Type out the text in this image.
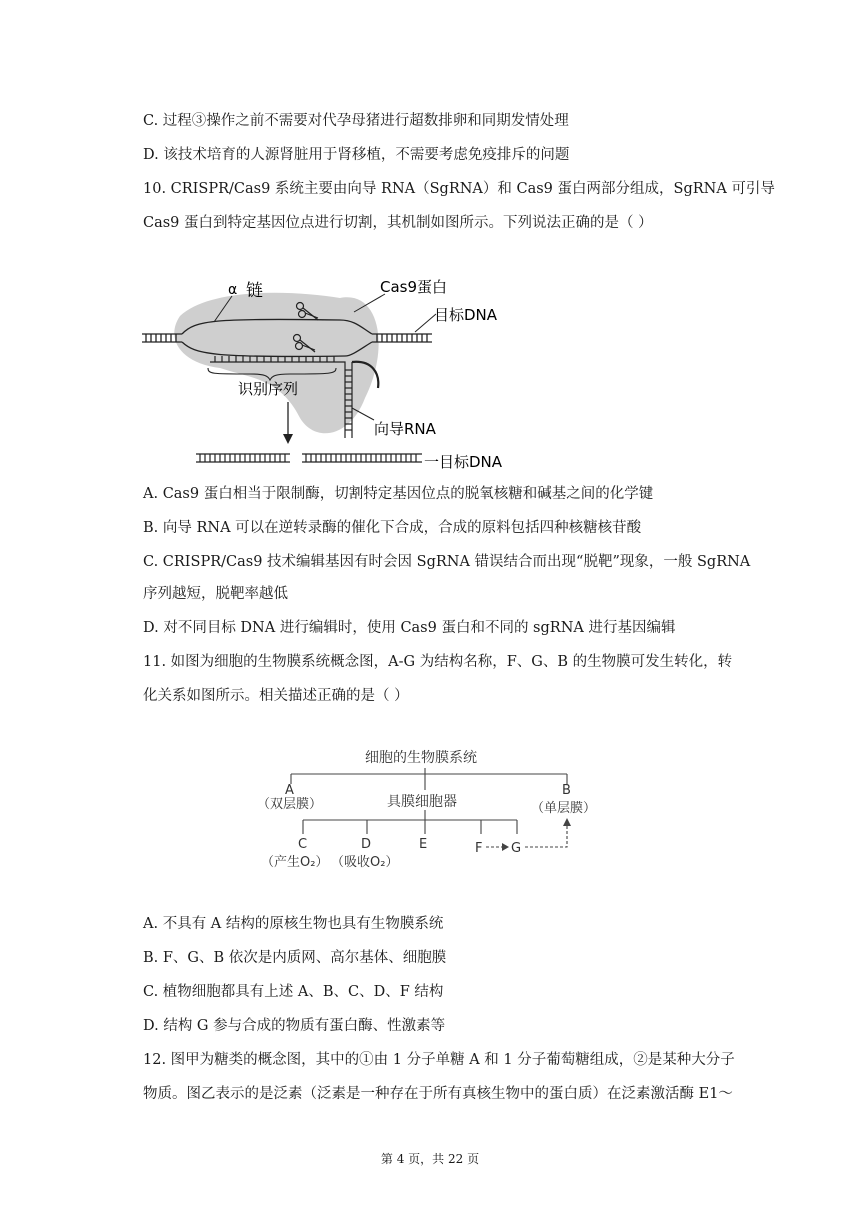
C. 过程③操作之前不需要对代孕母猪进行超数排卵和同期发情处理
D. 该技术培育的人源肾脏用于肾移植，不需要考虑免疫排斥的问题
10. CRISPR/Cas9 系统主要由向导 RNA（SgRNA）和 Cas9 蛋白两部分组成，SgRNA 可引导
Cas9 蛋白到特定基因位点进行切割，其机制如图所示。下列说法正确的是（ ）
α 链	Cas9蛋白
目标DNA
识别序列
向导RNA
一目标DNA
A. Cas9 蛋白相当于限制酶，切割特定基因位点的脱氧核糖和碱基之间的化学键
B. 向导 RNA 可以在逆转录酶的催化下合成，合成的原料包括四种核糖核苷酸
C. CRISPR/Cas9 技术编辑基因有时会因 SgRNA 错误结合而出现“脱靶”现象，一般 SgRNA
序列越短，脱靶率越低
D. 对不同目标 DNA 进行编辑时，使用 Cas9 蛋白和不同的 sgRNA 进行基因编辑
11. 如图为细胞的生物膜系统概念图，A-G 为结构名称，F、G、B 的生物膜可发生转化，转
化关系如图所示。相关描述正确的是（ ）
细胞的生物膜系统
A
（双层膜）	具膜细胞器
B
（单层膜）
C
（产生O₂）
D
（吸收O₂）
E	F G
A. 不具有 A 结构的原核生物也具有生物膜系统
B. F、G、B 依次是内质网、高尔基体、细胞膜
C. 植物细胞都具有上述 A、B、C、D、F 结构
D. 结构 G 参与合成的物质有蛋白酶、性激素等
12. 图甲为糖类的概念图，其中的①由 1 分子单糖 A 和 1 分子葡萄糖组成，②是某种大分子
物质。图乙表示的是泛素（泛素是一种存在于所有真核生物中的蛋白质）在泛素激活酶 E1～
第 4 页，共 22 页
